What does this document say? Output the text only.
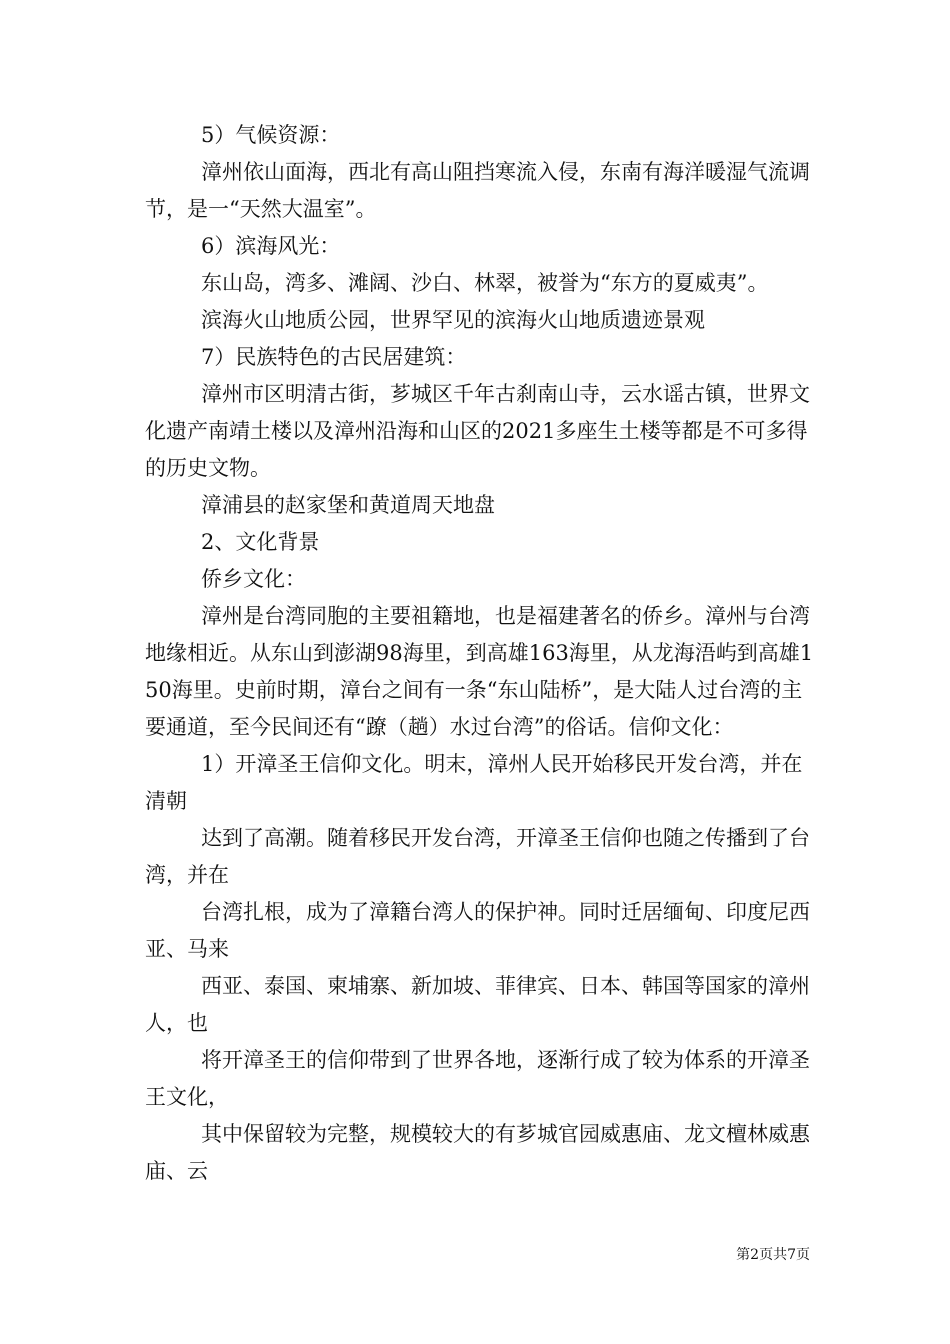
5）气候资源：

漳州依山面海，西北有高山阻挡寒流入侵，东南有海洋暖湿气流调节，是一“天然大温室”。

6）滨海风光：

东山岛，湾多、滩阔、沙白、林翠，被誉为“东方的夏威夷”。

滨海火山地质公园，世界罕见的滨海火山地质遗迹景观

7）民族特色的古民居建筑：

漳州市区明清古街，芗城区千年古刹南山寺，云水谣古镇，世界文化遗产南靖土楼以及漳州沿海和山区的2021多座生土楼等都是不可多得的历史文物。

漳浦县的赵家堡和黄道周天地盘

2、文化背景

侨乡文化：

漳州是台湾同胞的主要祖籍地，也是福建著名的侨乡。漳州与台湾地缘相近。从东山到澎湖98海里，到高雄163海里，从龙海浯屿到高雄150海里。史前时期，漳台之间有一条“东山陆桥”，是大陆人过台湾的主要通道，至今民间还有“蹽（趟）水过台湾”的俗话。信仰文化：

1）开漳圣王信仰文化。明末，漳州人民开始移民开发台湾，并在清朝

达到了高潮。随着移民开发台湾，开漳圣王信仰也随之传播到了台湾，并在

台湾扎根，成为了漳籍台湾人的保护神。同时迁居缅甸、印度尼西亚、马来

西亚、泰国、柬埔寨、新加坡、菲律宾、日本、韩国等国家的漳州人，也

将开漳圣王的信仰带到了世界各地，逐渐行成了较为体系的开漳圣王文化，

其中保留较为完整，规模较大的有芗城官园威惠庙、龙文檀林威惠庙、云

第2页共7页
